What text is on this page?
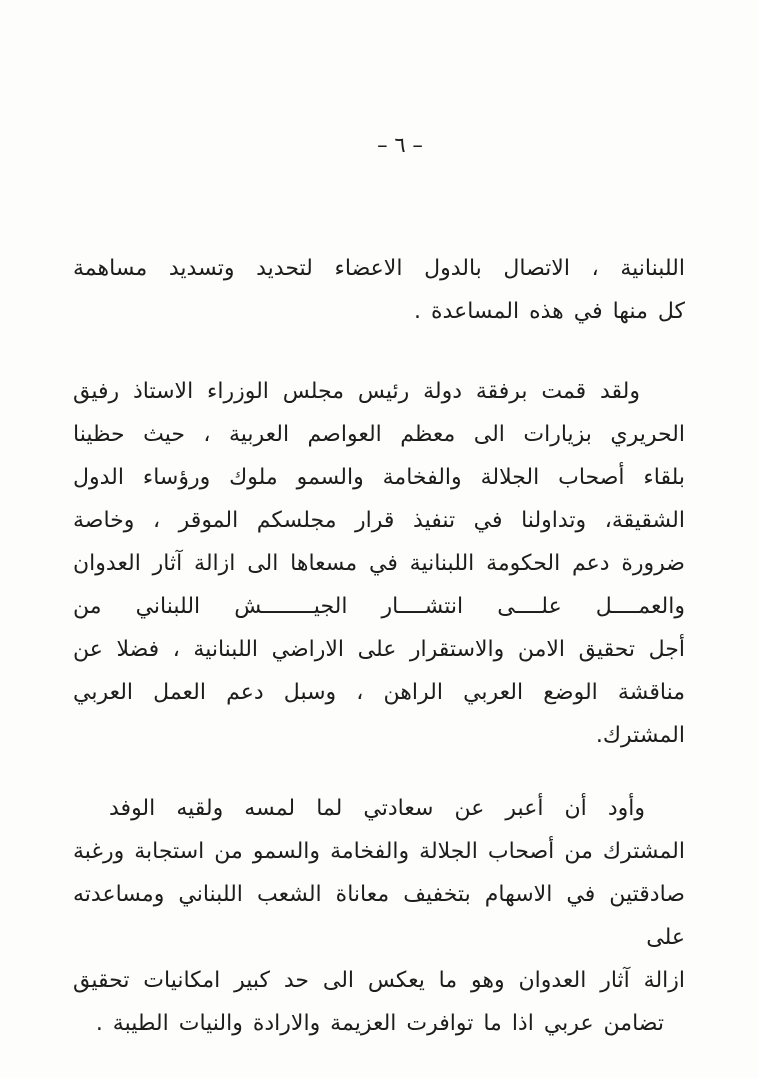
– ٦ –
اللبنانية ، الاتصال بالدول الاعضاء لتحديد وتسديد مساهمة
كل منها في هذه المساعدة .
ولقد قمت برفقة دولة رئيس مجلس الوزراء الاستاذ رفيق
الحريري بزيارات الى معظم العواصم العربية ، حيث حظينا
بلقاء أصحاب الجلالة والفخامة والسمو ملوك ورؤساء الدول
الشقيقة، وتداولنا في تنفيذ قرار مجلسكم الموقر ، وخاصة
ضرورة دعم الحكومة اللبنانية في مسعاها الى ازالة آثار العدوان
والعمــــل علــــى انتشــــار الجيــــــــش اللبناني من
أجل تحقيق الامن والاستقرار على الاراضي اللبنانية ، فضلا عن
مناقشة الوضع العربي الراهن ، وسبل دعم العمل العربي المشترك.
وأود أن أعبر عن سعادتي لما لمسه ولقيه الوفد
المشترك من أصحاب الجلالة والفخامة والسمو من استجابة ورغبة
صادقتين في الاسهام بتخفيف معاناة الشعب اللبناني ومساعدته على
ازالة آثار العدوان وهو ما يعكس الى حد كبير امكانيات تحقيق
تضامن عربي اذا ما توافرت العزيمة والارادة والنيات الطيبة .
